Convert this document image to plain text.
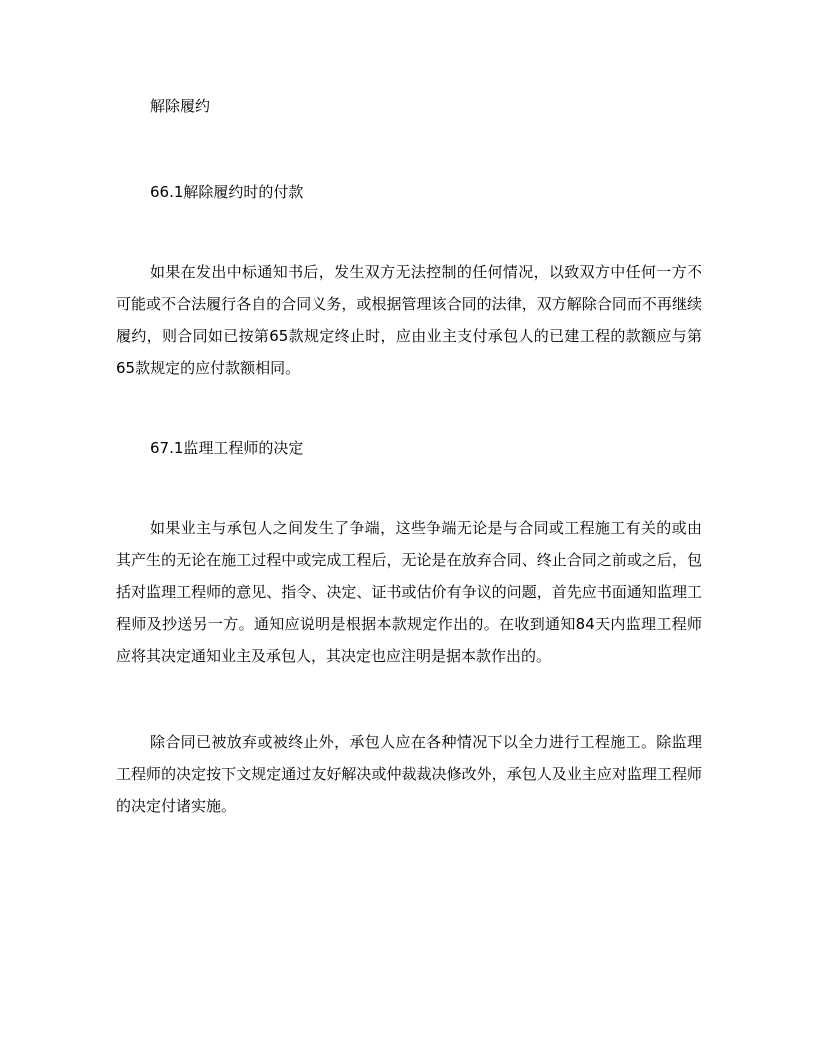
解除履约

66.1解除履约时的付款

如果在发出中标通知书后，发生双方无法控制的任何情况，以致双方中任何一方不可能或不合法履行各自的合同义务，或根据管理该合同的法律，双方解除合同而不再继续履约，则合同如已按第65款规定终止时，应由业主支付承包人的已建工程的款额应与第65款规定的应付款额相同。

67.1监理工程师的决定

如果业主与承包人之间发生了争端，这些争端无论是与合同或工程施工有关的或由其产生的无论在施工过程中或完成工程后，无论是在放弃合同、终止合同之前或之后，包括对监理工程师的意见、指令、决定、证书或估价有争议的问题，首先应书面通知监理工程师及抄送另一方。通知应说明是根据本款规定作出的。在收到通知84天内监理工程师应将其决定通知业主及承包人，其决定也应注明是据本款作出的。

除合同已被放弃或被终止外，承包人应在各种情况下以全力进行工程施工。除监理工程师的决定按下文规定通过友好解决或仲裁裁决修改外，承包人及业主应对监理工程师的决定付诸实施。
